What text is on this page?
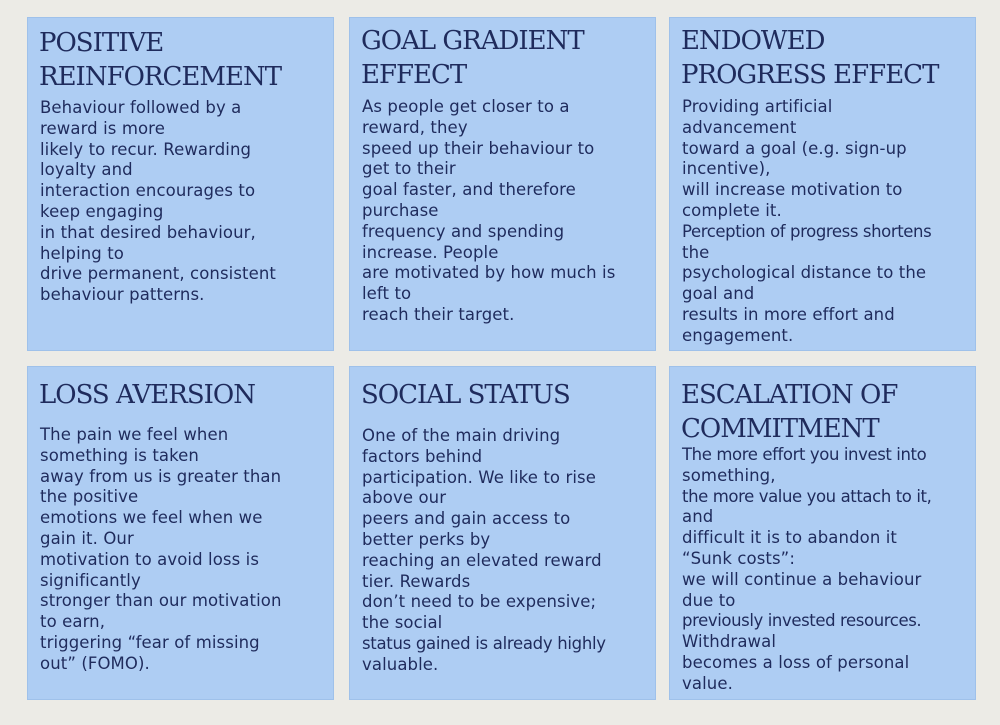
POSITIVE
REINFORCEMENT

Behaviour followed by a
reward is more
likely to recur. Rewarding
loyalty and
interaction encourages to
keep engaging
in that desired behaviour,
helping to
drive permanent, consistent
behaviour patterns.

GOAL GRADIENT
EFFECT

As people get closer to a
reward, they
speed up their behaviour to
get to their
goal faster, and therefore
purchase
frequency and spending
increase. People
are motivated by how much is
left to
reach their target.

ENDOWED
PROGRESS EFFECT

Providing artificial
advancement
toward a goal (e.g. sign-up
incentive),
will increase motivation to
complete it.
Perception of progress shortens
the
psychological distance to the
goal and
results in more effort and
engagement.

LOSS AVERSION

The pain we feel when
something is taken
away from us is greater than
the positive
emotions we feel when we
gain it. Our
motivation to avoid loss is
significantly
stronger than our motivation
to earn,
triggering “fear of missing
out” (FOMO).

SOCIAL STATUS

One of the main driving
factors behind
participation. We like to rise
above our
peers and gain access to
better perks by
reaching an elevated reward
tier. Rewards
don’t need to be expensive;
the social
status gained is already highly
valuable.

ESCALATION OF
COMMITMENT

The more effort you invest into
something,
the more value you attach to it,
and
difficult it is to abandon it
“Sunk costs”:
we will continue a behaviour
due to
previously invested resources.
Withdrawal
becomes a loss of personal
value.
